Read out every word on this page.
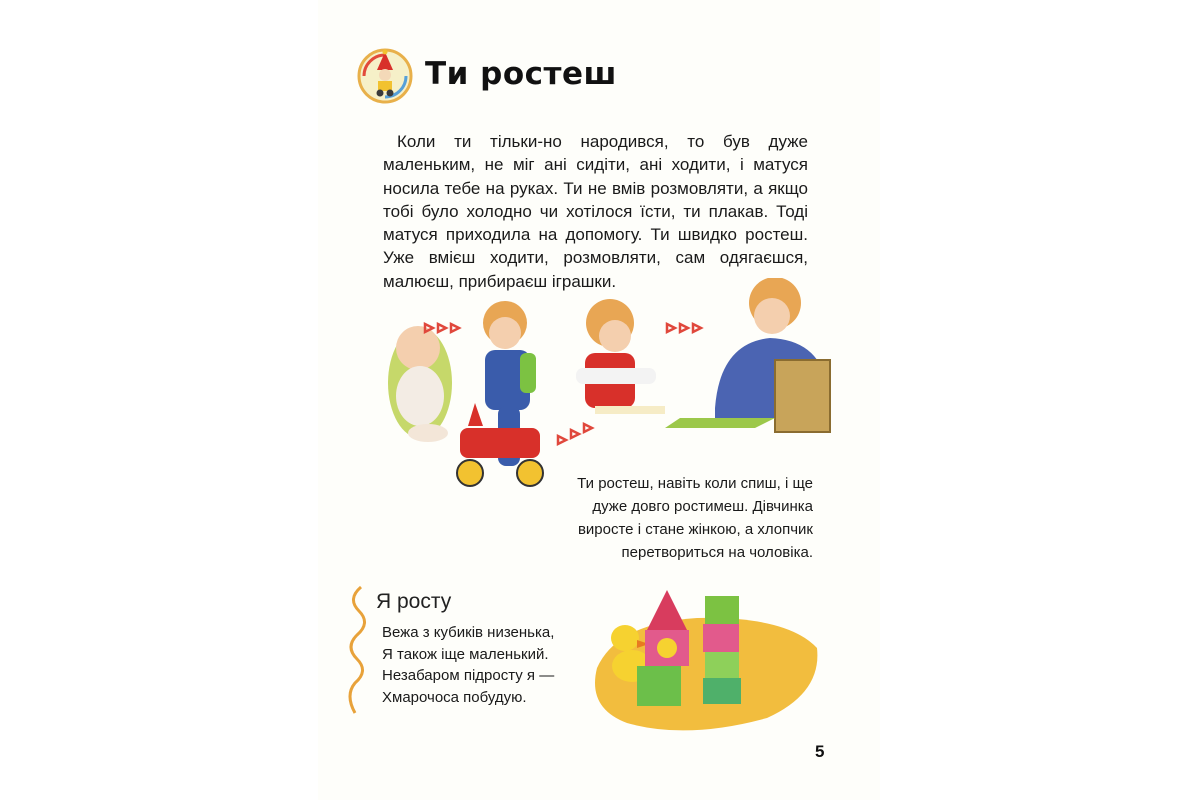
Ти ростеш

Коли ти тільки-но народився, то був дуже маленьким, не міг ані сидіти, ані ходити, і матуся носила тебе на руках. Ти не вмів розмовляти, а якщо тобі було холодно чи хотілося їсти, ти плакав. Тоді матуся приходила на допомогу. Ти швидко ростеш. Уже вмієш ходити, розмовляти, сам одягаєшся, малюєш, прибираєш іграшки.

Ти ростеш, навіть коли спиш, і ще дуже довго ростимеш. Дівчинка виросте і стане жінкою, а хлопчик перетвориться на чоловіка.

Я росту
Вежа з кубиків низенька,
Я також іще маленький.
Незабаром підросту я —
Хмарочоса побудую.
5
